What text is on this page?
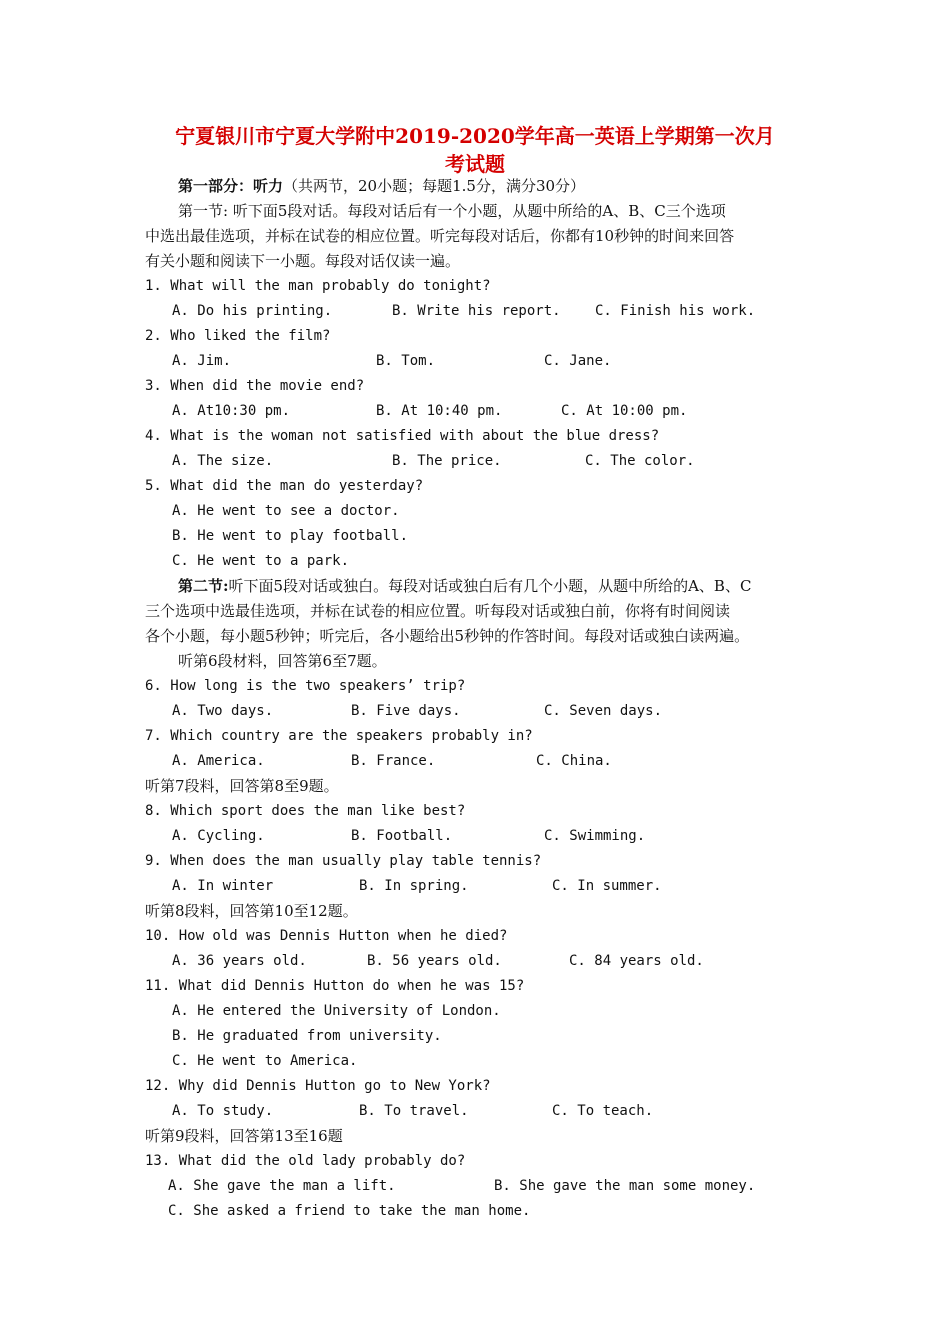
宁夏银川市宁夏大学附中2019-2020学年高一英语上学期第一次月
考试题
第一部分：听力（共两节，20小题；每题1.5分，满分30分）
第一节: 听下面5段对话。每段对话后有一个小题，从题中所给的A、B、C三个选项
中选出最佳选项，并标在试卷的相应位置。听完每段对话后，你都有10秒钟的时间来回答
有关小题和阅读下一小题。每段对话仅读一遍。
1. What will the man probably do tonight?
A. Do his printing.	B. Write his report. C. Finish his work.
2. Who liked the film?
A. Jim.	B. Tom.	C. Jane.
3. When did the movie end?
A. At10:30 pm.	B. At 10:40 pm.	C. At 10:00 pm.
4. What is the woman not satisfied with about the blue dress?
A. The size.	B. The price.	C. The color.
5. What did the man do yesterday?
A. He went to see a doctor.
B. He went to play football.
C. He went to a park.
第二节:听下面5段对话或独白。每段对话或独白后有几个小题，从题中所给的A、B、C
三个选项中选最佳选项，并标在试卷的相应位置。听每段对话或独白前，你将有时间阅读
各个小题，每小题5秒钟；听完后，各小题给出5秒钟的作答时间。每段对话或独白读两遍。
听第6段材料，回答第6至7题。
6. How long is the two speakers’ trip?
A. Two days.	B. Five days.	C. Seven days.
7. Which country are the speakers probably in?
A. America.	B. France.	C. China.
听第7段料，回答第8至9题。
8. Which sport does the man like best?
A. Cycling.	B. Football.	C. Swimming.
9. When does the man usually play table tennis?
A. In winter	B. In spring.	C. In summer.
听第8段料，回答第10至12题。
10. How old was Dennis Hutton when he died?
A. 36 years old.	B. 56 years old.	C. 84 years old.
11. What did Dennis Hutton do when he was 15?
A. He entered the University of London.
B. He graduated from university.
C. He went to America.
12. Why did Dennis Hutton go to New York?
A. To study.	B. To travel.	C. To teach.
听第9段料，回答第13至16题
13. What did the old lady probably do?
A. She gave the man a lift.	B. She gave the man some money.
C. She asked a friend to take the man home.
